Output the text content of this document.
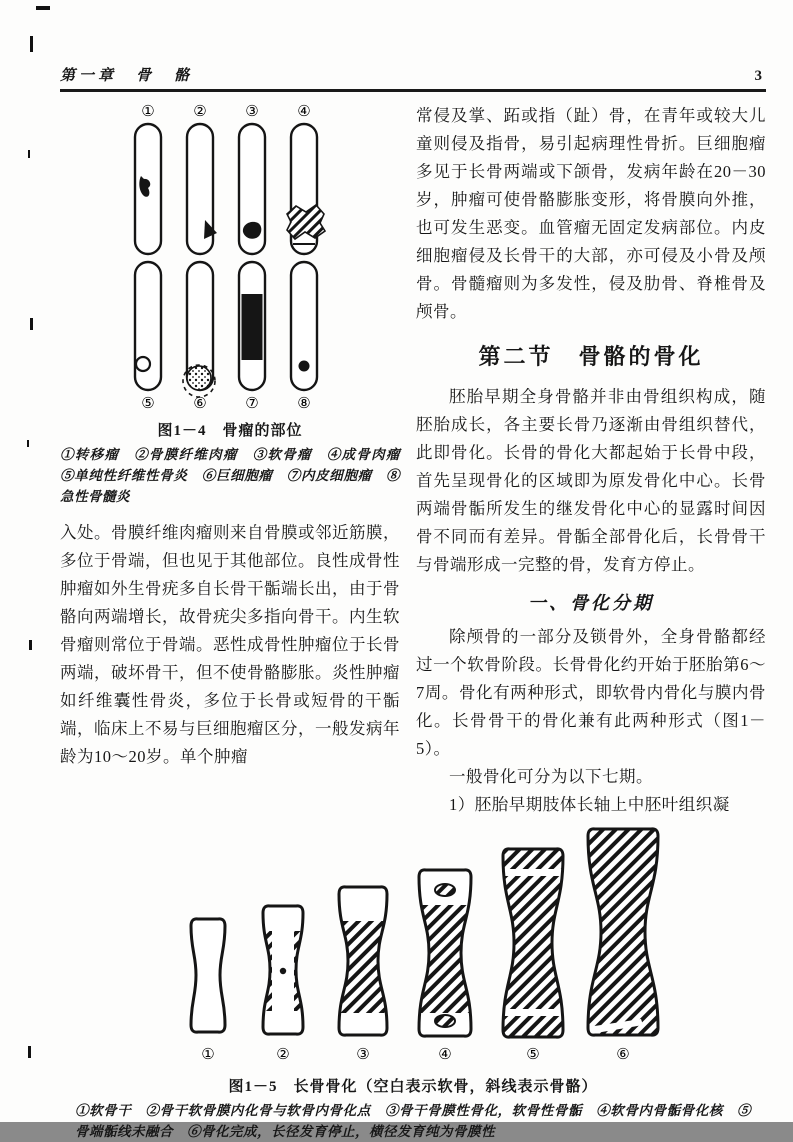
第一章　骨　骼	3
①	②	③	④
⑤	⑥	⑦	⑧
图1－4　骨瘤的部位
①转移瘤　②骨膜纤维肉瘤　③软骨瘤　④成骨肉瘤　⑤单纯性纤维性骨炎　⑥巨细胞瘤　⑦内皮细胞瘤　⑧急性骨髓炎

入处。骨膜纤维肉瘤则来自骨膜或邻近筋膜，多位于骨端，但也见于其他部位。良性成骨性肿瘤如外生骨疣多自长骨干骺端长出，由于骨骼向两端增长，故骨疣尖多指向骨干。内生软骨瘤则常位于骨端。恶性成骨性肿瘤位于长骨两端，破坏骨干，但不使骨骼膨胀。炎性肿瘤如纤维囊性骨炎，多位于长骨或短骨的干骺端，临床上不易与巨细胞瘤区分，一般发病年龄为10～20岁。单个肿瘤

常侵及掌、跖或指（趾）骨，在青年或较大儿童则侵及指骨，易引起病理性骨折。巨细胞瘤多见于长骨两端或下颌骨，发病年龄在20－30岁，肿瘤可使骨骼膨胀变形，将骨膜向外推，也可发生恶变。血管瘤无固定发病部位。内皮细胞瘤侵及长骨干的大部，亦可侵及小骨及颅骨。骨髓瘤则为多发性，侵及肋骨、脊椎骨及颅骨。

第二节　骨骼的骨化

胚胎早期全身骨骼并非由骨组织构成，随胚胎成长，各主要长骨乃逐渐由骨组织替代，此即骨化。长骨的骨化大都起始于长骨中段，首先呈现骨化的区域即为原发骨化中心。长骨两端骨骺所发生的继发骨化中心的显露时间因骨不同而有差异。骨骺全部骨化后，长骨骨干与骨端形成一完整的骨，发育方停止。

一、骨化分期

除颅骨的一部分及锁骨外，全身骨骼都经过一个软骨阶段。长骨骨化约开始于胚胎第6～7周。骨化有两种形式，即软骨内骨化与膜内骨化。长骨骨干的骨化兼有此两种形式（图1－5）。

一般骨化可分为以下七期。

1）胚胎早期肢体长轴上中胚叶组织凝

①	②	③	④	⑤	⑥
图1－5　长骨骨化（空白表示软骨，斜线表示骨骼）
①软骨干　②骨干软骨膜内化骨与软骨内骨化点　③骨干骨膜性骨化，软骨性骨骺　④软骨内骨骺骨化核　⑤骨端骺线未融合　⑥骨化完成，长径发育停止，横径发育纯为骨膜性
